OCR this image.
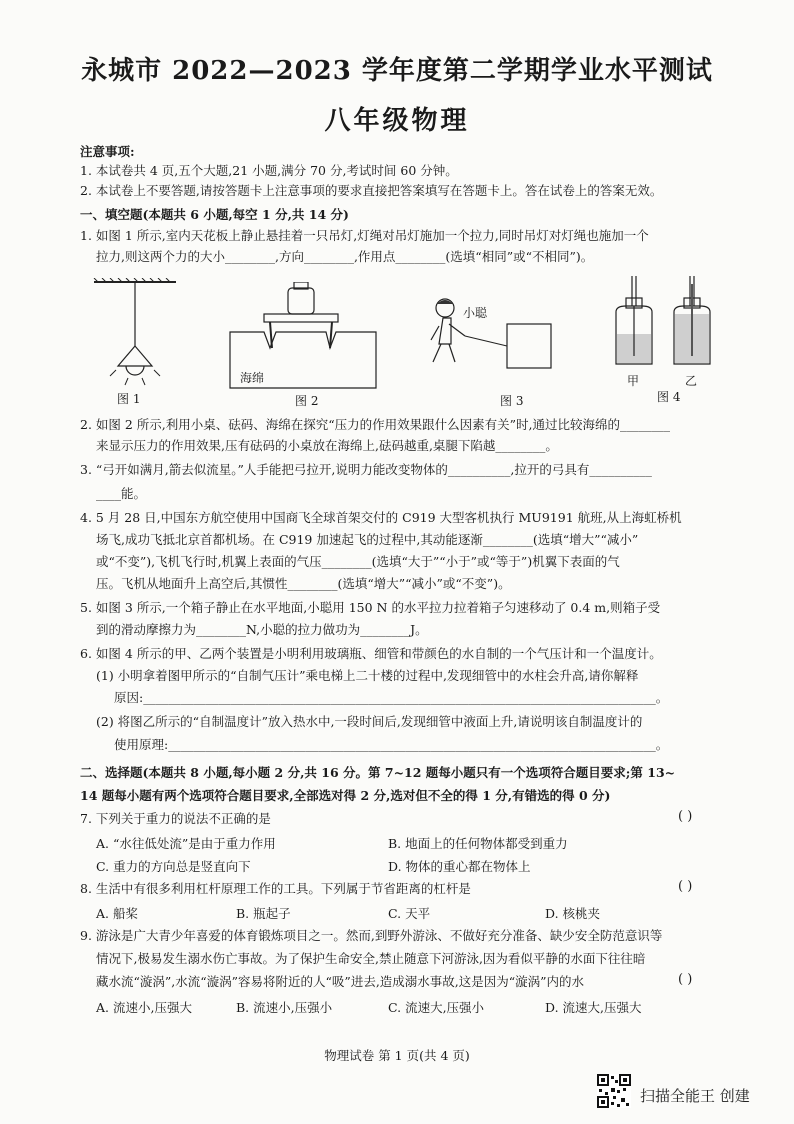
永城市 2022—2023 学年度第二学期学业水平测试
八年级物理
注意事项:
1. 本试卷共 4 页,五个大题,21 小题,满分 70 分,考试时间 60 分钟。
2. 本试卷上不要答题,请按答题卡上注意事项的要求直接把答案填写在答题卡上。答在试卷上的答案无效。
一、填空题(本题共 6 小题,每空 1 分,共 14 分)
1. 如图 1 所示,室内天花板上静止悬挂着一只吊灯,灯绳对吊灯施加一个拉力,同时吊灯对灯绳也施加一个
拉力,则这两个力的大小________,方向________,作用点________(选填“相同”或“不相同”)。
图 1
海绵
图 2
小聪
图 3
甲	乙
图 4
2. 如图 2 所示,利用小桌、砝码、海绵在探究“压力的作用效果跟什么因素有关”时,通过比较海绵的________
来显示压力的作用效果,压有砝码的小桌放在海绵上,砝码越重,桌腿下陷越________。
3. “弓开如满月,箭去似流星。”人手能把弓拉开,说明力能改变物体的__________,拉开的弓具有__________
____能。
4. 5 月 28 日,中国东方航空使用中国商飞全球首架交付的 C919 大型客机执行 MU9191 航班,从上海虹桥机
场飞,成功飞抵北京首都机场。在 C919 加速起飞的过程中,其动能逐渐________(选填“增大”“减小”
或“不变”),飞机飞行时,机翼上表面的气压________(选填“大于”“小于”或“等于”)机翼下表面的气
压。飞机从地面升上高空后,其惯性________(选填“增大”“减小”或“不变”)。
5. 如图 3 所示,一个箱子静止在水平地面,小聪用 150 N 的水平拉力拉着箱子匀速移动了 0.4 m,则箱子受
到的滑动摩擦力为________N,小聪的拉力做功为________J。
6. 如图 4 所示的甲、乙两个装置是小明利用玻璃瓶、细管和带颜色的水自制的一个气压计和一个温度计。
(1) 小明拿着图甲所示的“自制气压计”乘电梯上二十楼的过程中,发现细管中的水柱会升高,请你解释
原因:__________________________________________________________________________________。
(2) 将图乙所示的“自制温度计”放入热水中,一段时间后,发现细管中液面上升,请说明该自制温度计的
使用原理:______________________________________________________________________________。
二、选择题(本题共 8 小题,每小题 2 分,共 16 分。第 7~12 题每小题只有一个选项符合题目要求;第 13~
14 题每小题有两个选项符合题目要求,全部选对得 2 分,选对但不全的得 1 分,有错选的得 0 分)
7. 下列关于重力的说法不正确的是	( )
A. “水往低处流”是由于重力作用	B. 地面上的任何物体都受到重力
C. 重力的方向总是竖直向下	D. 物体的重心都在物体上
8. 生活中有很多利用杠杆原理工作的工具。下列属于节省距离的杠杆是	( )
A. 船桨	B. 瓶起子	C. 天平	D. 核桃夹
9. 游泳是广大青少年喜爱的体育锻炼项目之一。然而,到野外游泳、不做好充分准备、缺少安全防范意识等
情况下,极易发生溺水伤亡事故。为了保护生命安全,禁止随意下河游泳,因为看似平静的水面下往往暗
藏水流“漩涡”,水流“漩涡”容易将附近的人“吸”进去,造成溺水事故,这是因为“漩涡”内的水	( )
A. 流速小,压强大	B. 流速小,压强小	C. 流速大,压强小	D. 流速大,压强大
物理试卷 第 1 页(共 4 页)
扫描全能王 创建
